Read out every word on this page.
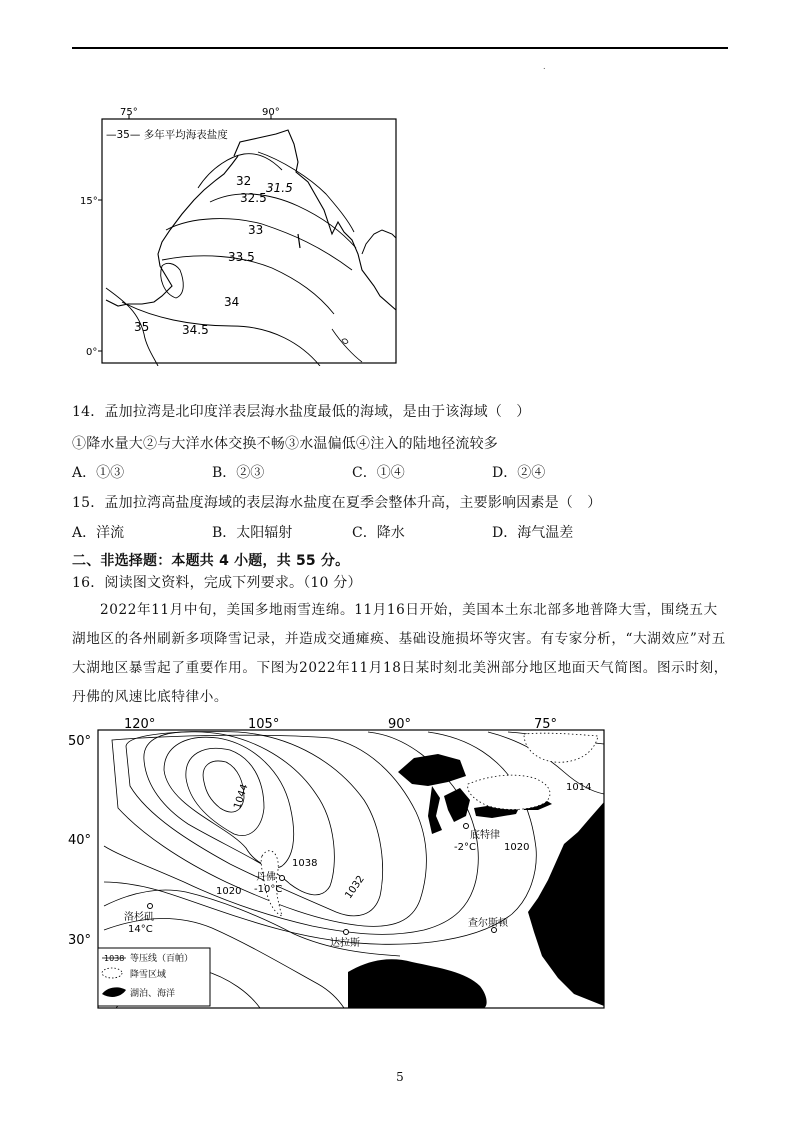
.
75°	90°
15°
0°
—35— 多年平均海表盐度
32 31.5
32.5
33
33.5
34
35	34.5
14．孟加拉湾是北印度洋表层海水盐度最低的海域，是由于该海域（　）
①降水量大②与大洋水体交换不畅③水温偏低④注入的陆地径流较多
A．①③	B．②③	C．①④	D．②④
15．孟加拉湾高盐度海域的表层海水盐度在夏季会整体升高，主要影响因素是（　）
A．洋流	B．太阳辐射	C．降水	D．海气温差
二、非选择题：本题共 4 小题，共 55 分。
16．阅读图文资料，完成下列要求。（10 分）
2022年11月中旬，美国多地雨雪连绵。11月16日开始，美国本土东北部多地普降大雪，围绕五大湖地区的各州刷新多项降雪记录，并造成交通瘫痪、基础设施损坏等灾害。有专家分析，“大湖效应”对五大湖地区暴雪起了重要作用。下图为2022年11月18日某时刻北美洲部分地区地面天气简图。图示时刻，丹佛的风速比底特律小。
120°	105°	90°	75°
50°
40°
30°
1044
1038
1032
1020
1014
1020
丹佛
-10°C
洛杉矶
14°C
底特律
-2°C
达拉斯
查尔斯顿
1038 等压线（百帕）
降雪区域
湖泊、海洋
5
